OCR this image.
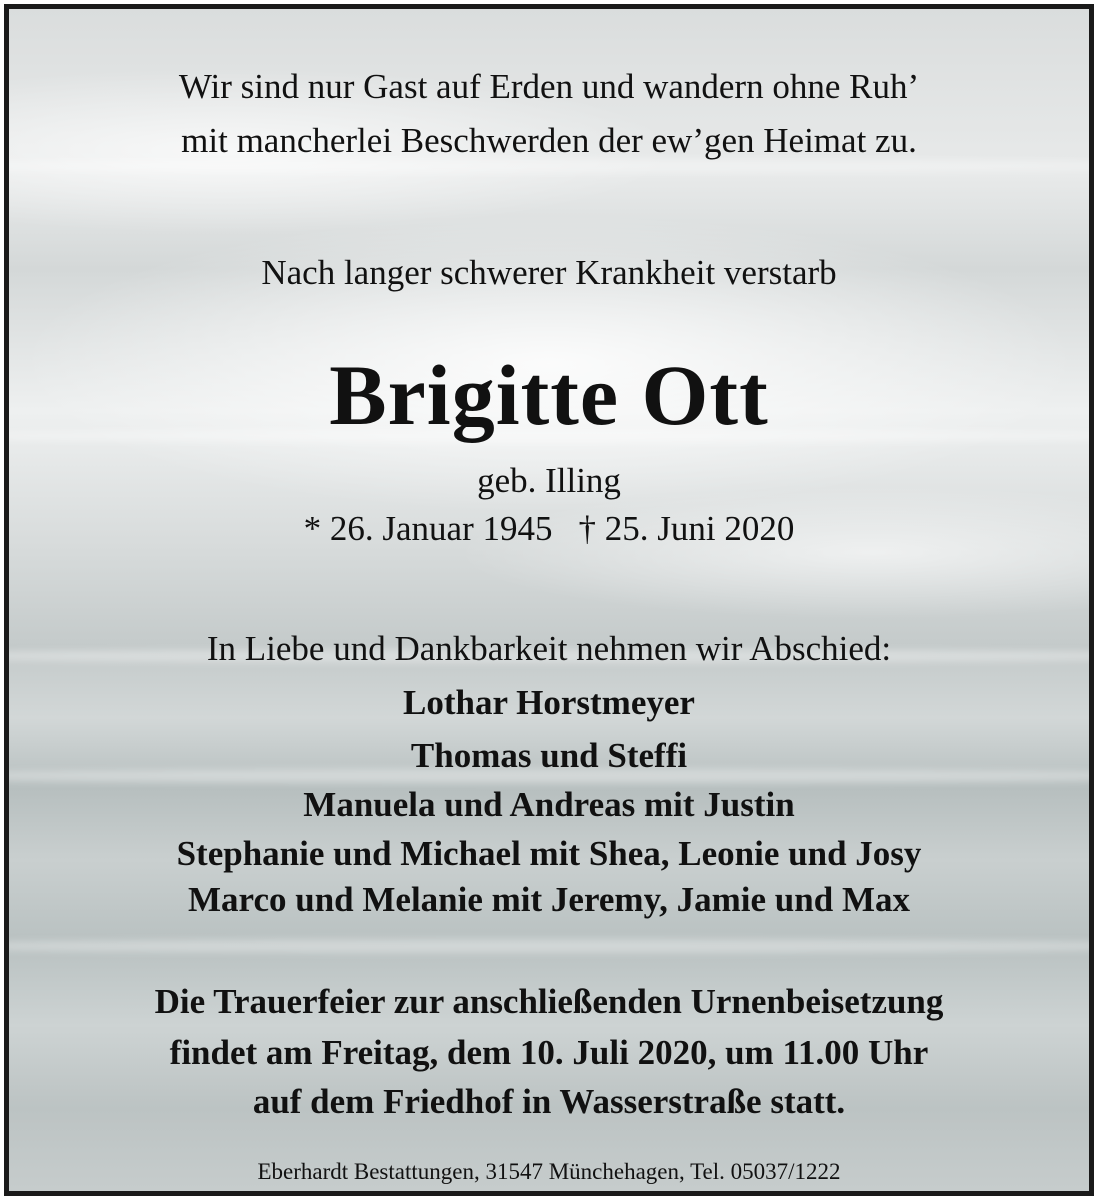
Wir sind nur Gast auf Erden und wandern ohne Ruh’
mit mancherlei Beschwerden der ew’gen Heimat zu.
Nach langer schwerer Krankheit verstarb
Brigitte Ott
geb. Illing
* 26. Januar 1945 † 25. Juni 2020
In Liebe und Dankbarkeit nehmen wir Abschied:
Lothar Horstmeyer
Thomas und Steffi
Manuela und Andreas mit Justin
Stephanie und Michael mit Shea, Leonie und Josy
Marco und Melanie mit Jeremy, Jamie und Max
Die Trauerfeier zur anschließenden Urnenbeisetzung
findet am Freitag, dem 10. Juli 2020, um 11.00 Uhr
auf dem Friedhof in Wasserstraße statt.
Eberhardt Bestattungen, 31547 Münchehagen, Tel. 05037/1222
